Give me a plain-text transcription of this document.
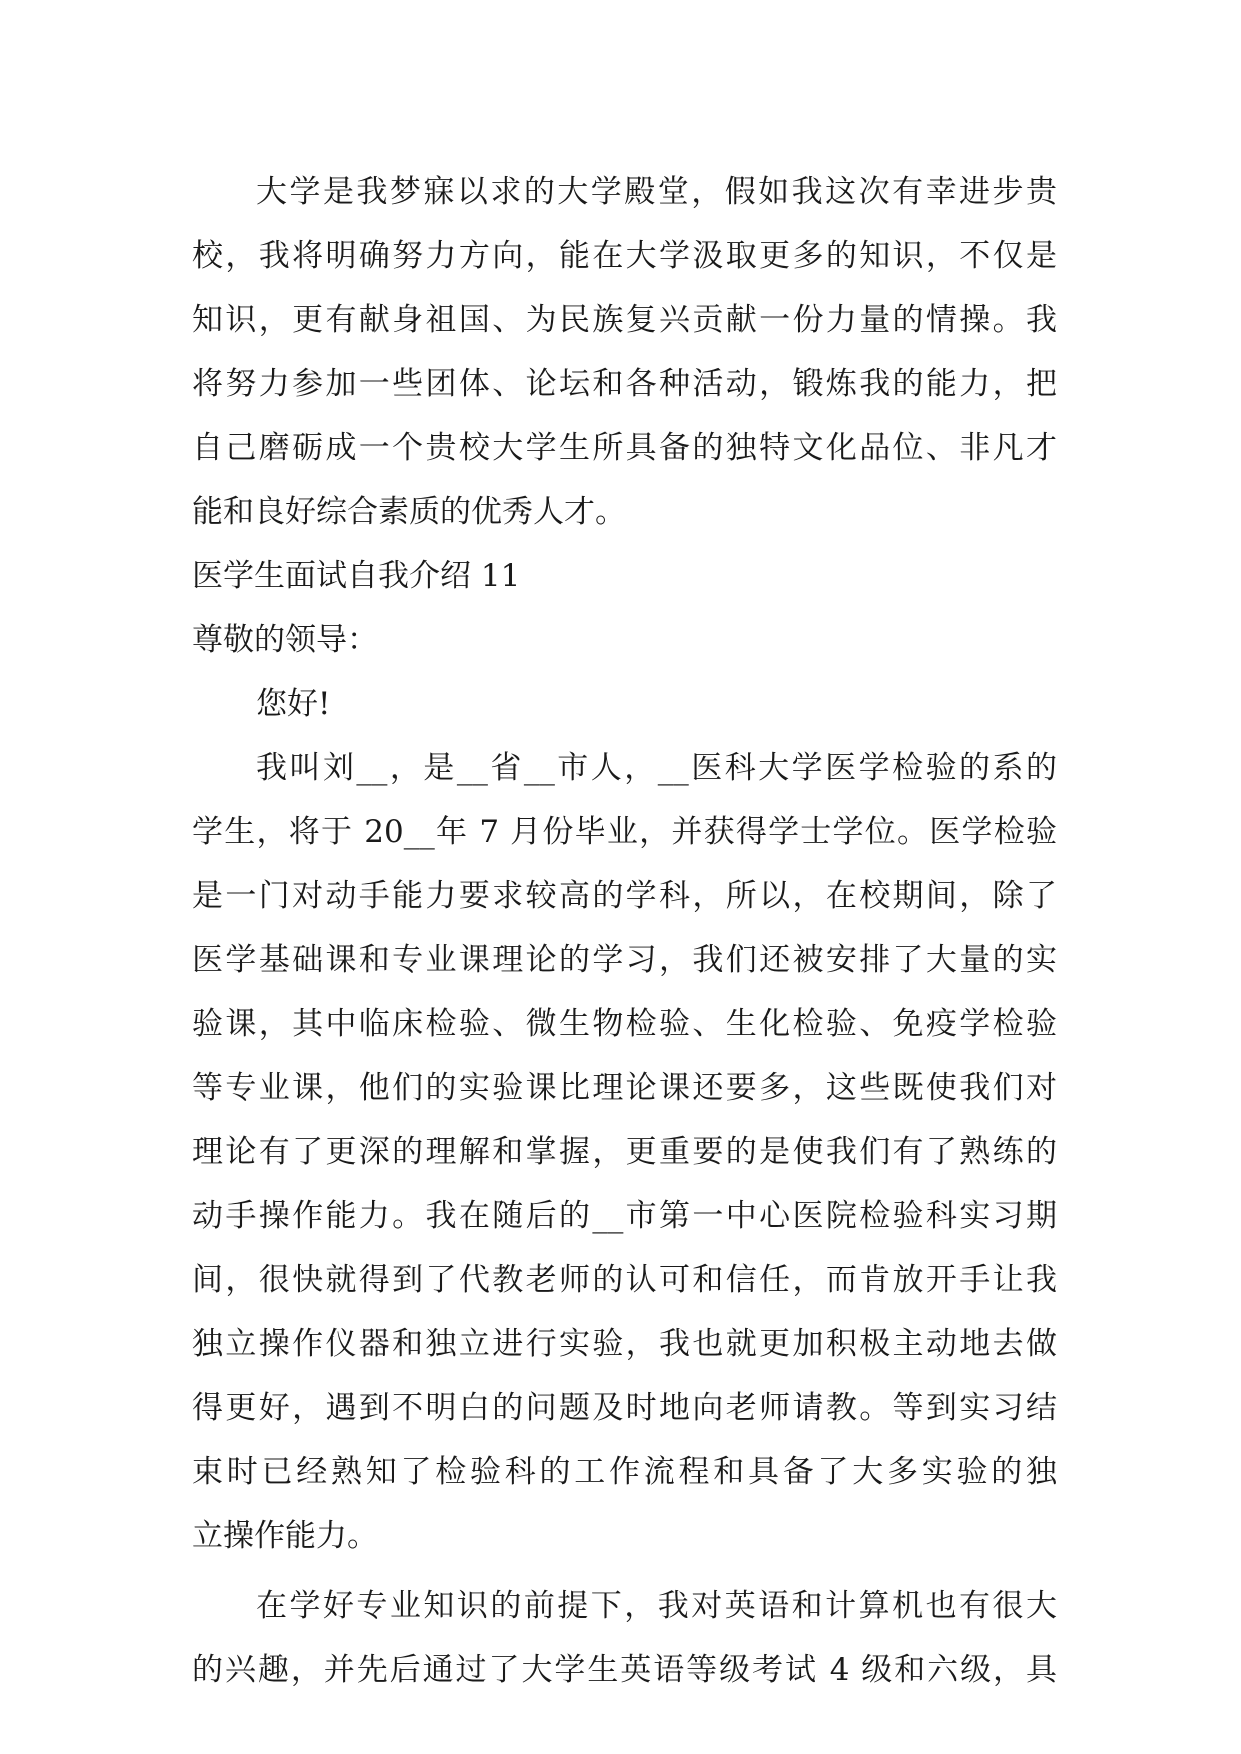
大学是我梦寐以求的大学殿堂，假如我这次有幸进步贵
校，我将明确努力方向，能在大学汲取更多的知识，不仅是
知识，更有献身祖国、为民族复兴贡献一份力量的情操。我
将努力参加一些团体、论坛和各种活动，锻炼我的能力，把
自己磨砺成一个贵校大学生所具备的独特文化品位、非凡才
能和良好综合素质的优秀人才。
医学生面试自我介绍 11
尊敬的领导：
您好!
我叫刘__，是__省__市人，__医科大学医学检验的系的
学生，将于 20__年 7 月份毕业，并获得学士学位。医学检验
是一门对动手能力要求较高的学科，所以，在校期间，除了
医学基础课和专业课理论的学习，我们还被安排了大量的实
验课，其中临床检验、微生物检验、生化检验、免疫学检验
等专业课，他们的实验课比理论课还要多，这些既使我们对
理论有了更深的理解和掌握，更重要的是使我们有了熟练的
动手操作能力。我在随后的__市第一中心医院检验科实习期
间，很快就得到了代教老师的认可和信任，而肯放开手让我
独立操作仪器和独立进行实验，我也就更加积极主动地去做
得更好，遇到不明白的问题及时地向老师请教。等到实习结
束时已经熟知了检验科的工作流程和具备了大多实验的独
立操作能力。
在学好专业知识的前提下，我对英语和计算机也有很大
的兴趣，并先后通过了大学生英语等级考试 4 级和六级，具
